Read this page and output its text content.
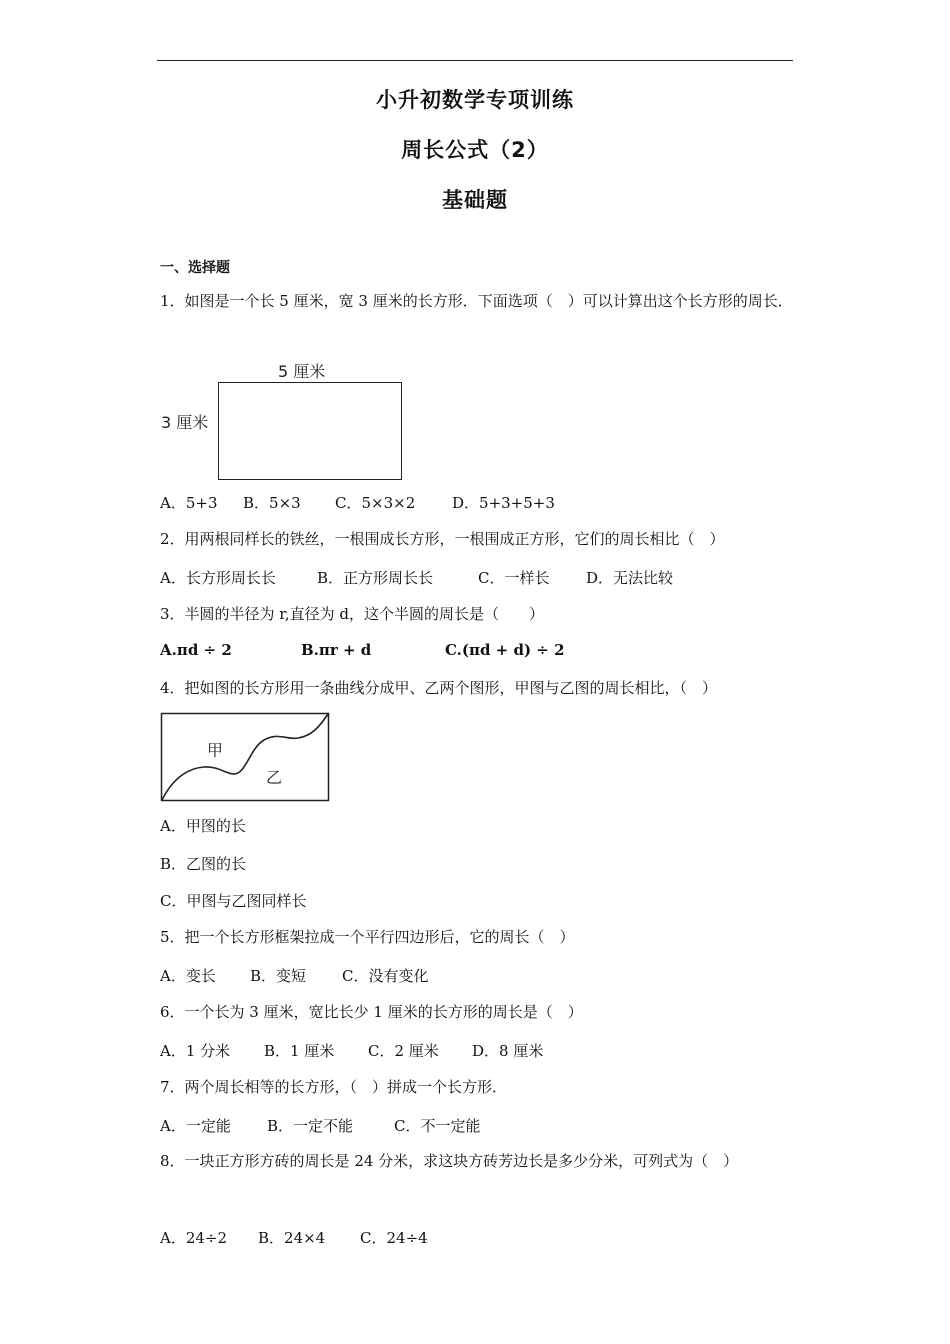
小升初数学专项训练
周长公式（2）
基础题
一、选择题
1．如图是一个长 5 厘米，宽 3 厘米的长方形．下面选项（　）可以计算出这个长方形的周长．
5 厘米
3 厘米
A．5+3 B．5×3 C．5×3×2 D．5+3+5+3
2．用两根同样长的铁丝，一根围成长方形，一根围成正方形，它们的周长相比（　）
A．长方形周长长	B．正方形周长长	C．一样长 D．无法比较
3．半圆的半径为 r,直径为 d，这个半圆的周长是（　　）
A.πd ÷ 2	B.πr + d	C.(πd + d) ÷ 2
4．把如图的长方形用一条曲线分成甲、乙两个图形，甲图与乙图的周长相比，（　）
甲
乙
A．甲图的长
B．乙图的长
C．甲图与乙图同样长
5．把一个长方形框架拉成一个平行四边形后，它的周长（　）
A．变长 B．变短 C．没有变化
6．一个长为 3 厘米，宽比长少 1 厘米的长方形的周长是（　）
A．1 分米 B．1 厘米 C．2 厘米 D．8 厘米
7．两个周长相等的长方形，（　）拼成一个长方形．
A．一定能 B．一定不能	C．不一定能
8．一块正方形方砖的周长是 24 分米，求这块方砖芳边长是多少分米，可列式为（　）
A．24÷2 B．24×4 C．24÷4
